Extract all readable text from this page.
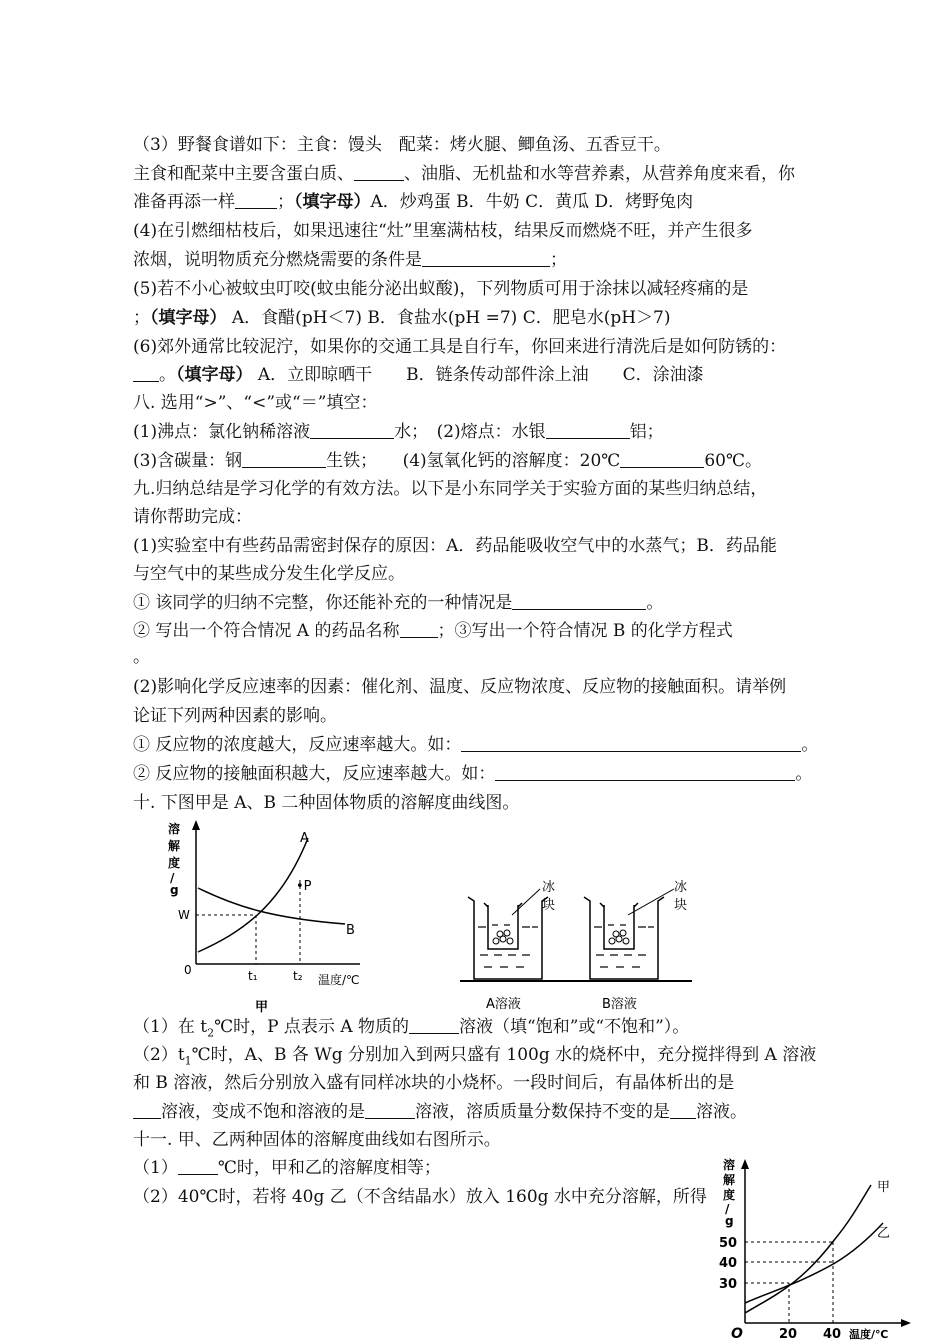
（3）野餐食谱如下：主食：馒头　配菜：烤火腿、鲫鱼汤、五香豆干。
主食和配菜中主要含蛋白质、	、油脂、无机盐和水等营养素，从营养角度来看，你
准备再添一样 ；（填字母）A．炒鸡蛋 B．牛奶 C．黄瓜 D．烤野兔肉
(4)在引燃细枯枝后，如果迅速往“灶”里塞满枯枝，结果反而燃烧不旺，并产生很多
浓烟，说明物质充分燃烧需要的条件是	；
(5)若不小心被蚊虫叮咬(蚊虫能分泌出蚁酸)，下列物质可用于涂抹以减轻疼痛的是
；（填字母） A．食醋(pH＜7) B．食盐水(pH =7) C．肥皂水(pH＞7)
(6)郊外通常比较泥泞，如果你的交通工具是自行车，你回来进行清洗后是如何防锈的：
。（填字母） A．立即晾晒干　　B．链条传动部件涂上油　　C．涂油漆
八. 选用“>”、“<”或“＝”填空：
(1)沸点：氯化钠稀溶液	水；　(2)熔点：水银	铝；
(3)含碳量：钢	生铁；　　(4)氢氧化钙的溶解度：20℃	60℃。
九.归纳总结是学习化学的有效方法。以下是小东同学关于实验方面的某些归纳总结，
请你帮助完成：
(1)实验室中有些药品需密封保存的原因：A．药品能吸收空气中的水蒸气；B．药品能
与空气中的某些成分发生化学反应。
① 该同学的归纳不完整，你还能补充的一种情况是	。
② 写出一个符合情况 A 的药品名称 ；③写出一个符合情况 B 的化学方程式
。
(2)影响化学反应速率的因素：催化剂、温度、反应物浓度、反应物的接触面积。请举例
论证下列两种因素的影响。
① 反应物的浓度越大，反应速率越大。如：	。
② 反应物的接触面积越大，反应速率越大。如：	。
十. 下图甲是 A、B 二种固体物质的溶解度曲线图。
溶
解
度
/
g
A
B
•P
W
0	t₁	t₂ 温度/℃
甲
冰
块
冰
块
A溶液	B溶液
（1）在 $t_2℃$时，P 点表示 A 物质的	溶液（填“饱和”或“不饱和”）。
$(2)t_1℃$时，A、B 各 Wg 分别加入到两只盛有 100g 水的烧杯中，充分搅拌得到 A 溶液
和 B 溶液，然后分别放入盛有同样冰块的小烧杯。一段时间后，有晶体析出的是
溶液，变成不饱和溶液的是	溶液，溶质质量分数保持不变的是 溶液。
十一. 甲、乙两种固体的溶解度曲线如右图所示。
（1） ℃时，甲和乙的溶解度相等；
（2）40℃时，若将 40g 乙（不含结晶水）放入 160g 水中充分溶解，所得
溶
解
度
/
g
50
40
30
O	20 40 温度/℃
甲
乙
